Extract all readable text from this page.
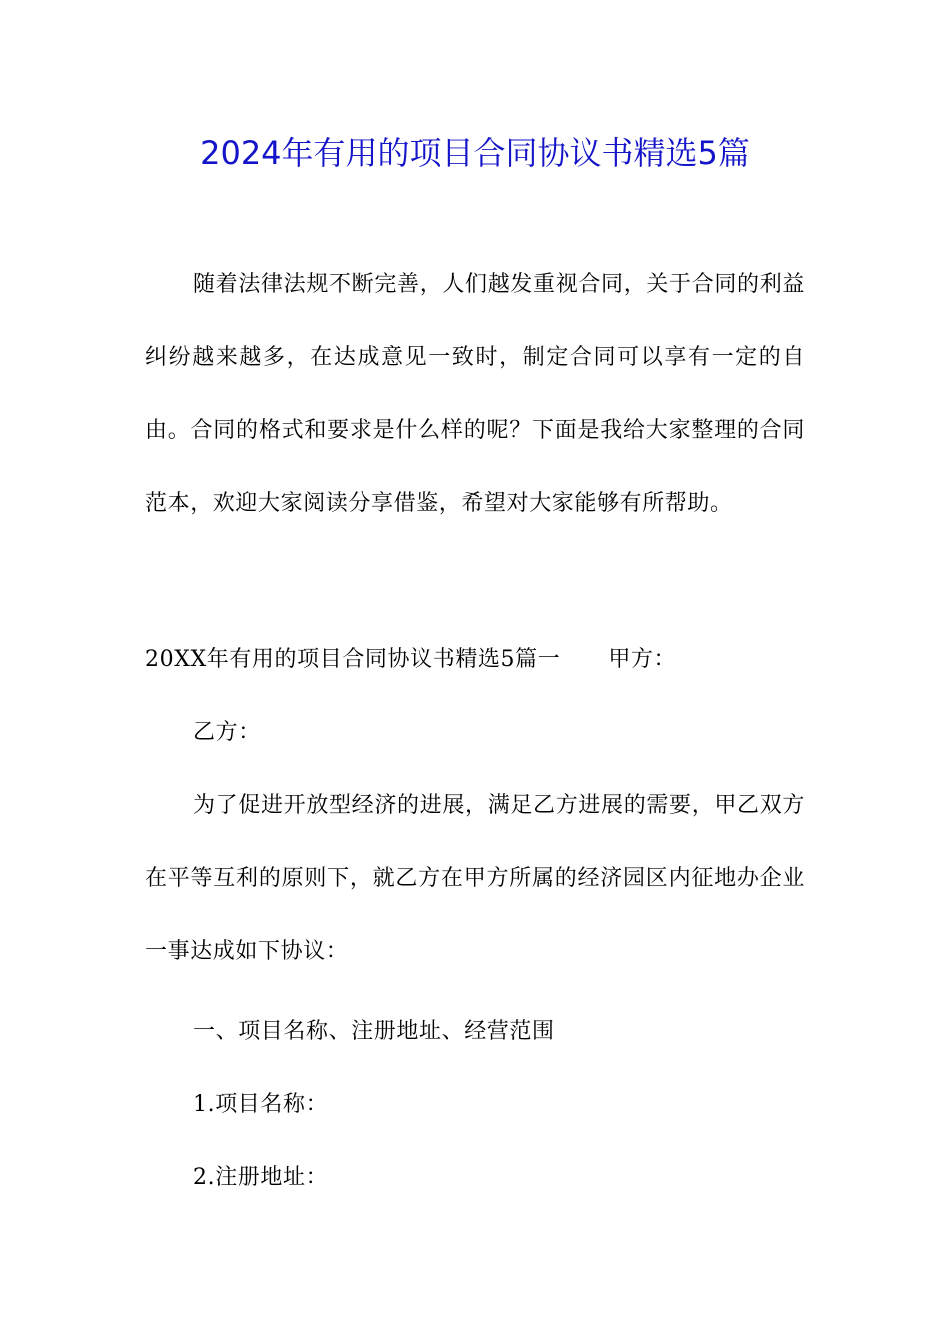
2024年有用的项目合同协议书精选5篇
随着法律法规不断完善，人们越发重视合同，关于合同的利益纠纷越来越多，在达成意见一致时，制定合同可以享有一定的自由。合同的格式和要求是什么样的呢？下面是我给大家整理的合同范本，欢迎大家阅读分享借鉴，希望对大家能够有所帮助。
20XX年有用的项目合同协议书精选5篇一 甲方：
乙方：
为了促进开放型经济的进展，满足乙方进展的需要，甲乙双方在平等互利的原则下，就乙方在甲方所属的经济园区内征地办企业一事达成如下协议：
一、项目名称、注册地址、经营范围
1.项目名称：
2.注册地址：
